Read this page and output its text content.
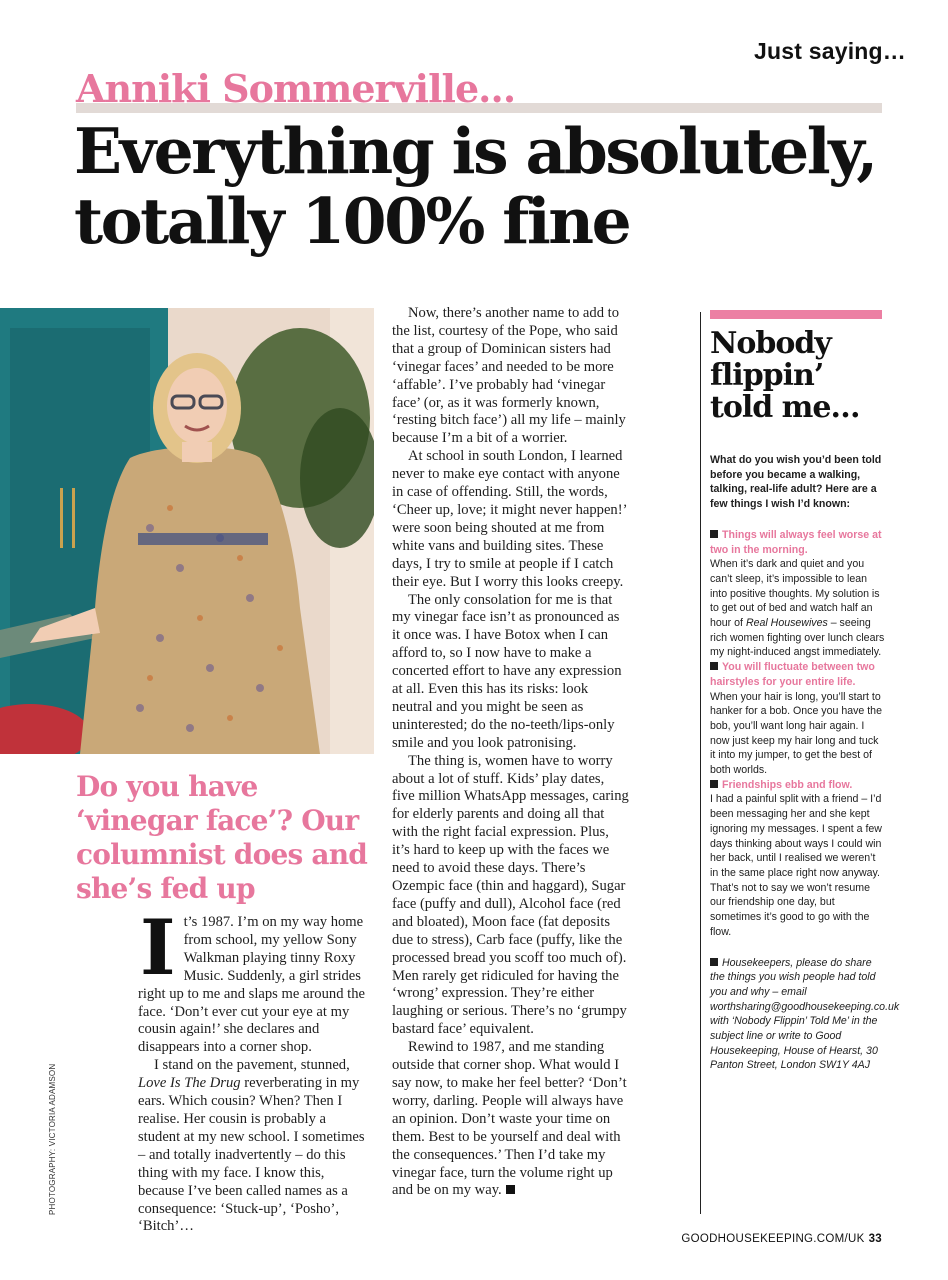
Just saying…
Anniki Sommerville…
Everything is absolutely, totally 100% fine
Do you have ‘vinegar face’? Our columnist does and she’s fed up
PHOTOGRAPHY: VICTORIA ADAMSON

It’s 1987. I’m on my way home from school, my yellow Sony Walkman playing tinny Roxy Music. Suddenly, a girl strides right up to me and slaps me around the face. ‘Don’t ever cut your eye at my cousin again!’ she declares and disappears into a corner shop.

I stand on the pavement, stunned, Love Is The Drug reverberating in my ears. Which cousin? When? Then I realise. Her cousin is probably a student at my new school. I sometimes – and totally inadvertently – do this thing with my face. I know this, because I’ve been called names as a consequence: ‘Stuck-up’, ‘Posho’, ‘Bitch’…

Now, there’s another name to add to the list, courtesy of the Pope, who said that a group of Dominican sisters had ‘vinegar faces’ and needed to be more ‘affable’. I’ve probably had ‘vinegar face’ (or, as it was formerly known, ‘resting bitch face’) all my life – mainly because I’m a bit of a worrier.

At school in south London, I learned never to make eye contact with anyone in case of offending. Still, the words, ‘Cheer up, love; it might never happen!’ were soon being shouted at me from white vans and building sites. These days, I try to smile at people if I catch their eye. But I worry this looks creepy.

The only consolation for me is that my vinegar face isn’t as pronounced as it once was. I have Botox when I can afford to, so I now have to make a concerted effort to have any expression at all. Even this has its risks: look neutral and you might be seen as uninterested; do the no-teeth/lips-only smile and you look patronising.

The thing is, women have to worry about a lot of stuff. Kids’ play dates, five million WhatsApp messages, caring for elderly parents and doing all that with the right facial expression. Plus, it’s hard to keep up with the faces we need to avoid these days. There’s Ozempic face (thin and haggard), Sugar face (puffy and dull), Alcohol face (red and bloated), Moon face (fat deposits due to stress), Carb face (puffy, like the processed bread you scoff too much of). Men rarely get ridiculed for having the ‘wrong’ expression. They’re either laughing or serious. There’s no ‘grumpy bastard face’ equivalent.

Rewind to 1987, and me standing outside that corner shop. What would I say now, to make her feel better? ‘Don’t worry, darling. People will always have an opinion. Don’t waste your time on them. Best to be yourself and deal with the consequences.’ Then I’d take my vinegar face, turn the volume right up and be on my way.

Nobody flippin’ told me…

What do you wish you’d been told before you became a walking, talking, real-life adult? Here are a few things I wish I’d known:

Things will always feel worse at two in the morning.
When it’s dark and quiet and you can’t sleep, it’s impossible to lean into positive thoughts. My solution is to get out of bed and watch half an hour of Real Housewives – seeing rich women fighting over lunch clears my night-induced angst immediately.

You will fluctuate between two hairstyles for your entire life.
When your hair is long, you’ll start to hanker for a bob. Once you have the bob, you’ll want long hair again. I now just keep my hair long and tuck it into my jumper, to get the best of both worlds.

Friendships ebb and flow.
I had a painful split with a friend – I’d been messaging her and she kept ignoring my messages. I spent a few days thinking about ways I could win her back, until I realised we weren’t in the same place right now anyway. That’s not to say we won’t resume our friendship one day, but sometimes it’s good to go with the flow.

Housekeepers, please do share the things you wish people had told you and why – email worthsharing@goodhousekeeping.co.uk with ‘Nobody Flippin’ Told Me’ in the subject line or write to Good Housekeeping, House of Hearst, 30 Panton Street, London SW1Y 4AJ

GOODHOUSEKEEPING.COM/UK 33
